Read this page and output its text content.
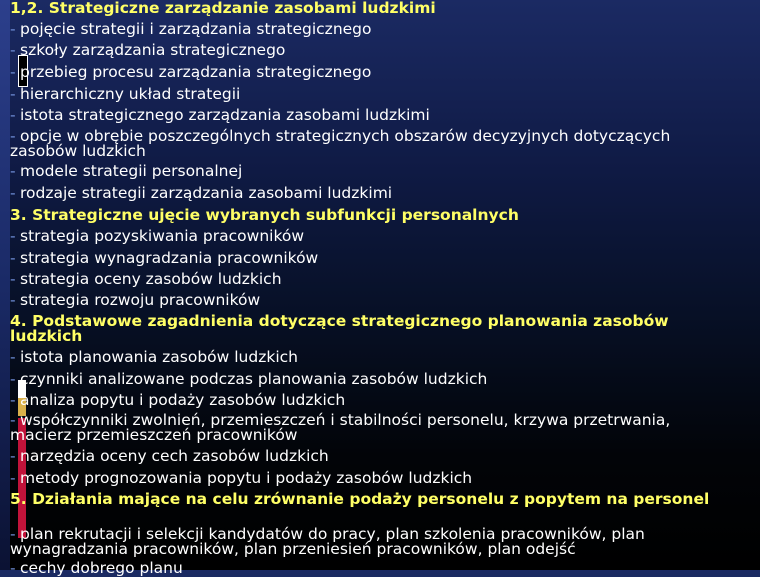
1,2. Strategiczne zarządzanie zasobami ludzkimi
- pojęcie strategii i zarządzania strategicznego
- szkoły zarządzania strategicznego
- przebieg procesu zarządzania strategicznego
- hierarchiczny układ strategii
- istota strategicznego zarządzania zasobami ludzkimi
- opcje w obrębie poszczególnych strategicznych obszarów decyzyjnych dotyczących zasobów ludzkich
- modele strategii personalnej
- rodzaje strategii zarządzania zasobami ludzkimi
3. Strategiczne ujęcie wybranych subfunkcji personalnych
- strategia pozyskiwania pracowników
- strategia wynagradzania pracowników
- strategia oceny zasobów ludzkich
- strategia rozwoju pracowników
4. Podstawowe zagadnienia dotyczące strategicznego planowania zasobów ludzkich
- istota planowania zasobów ludzkich
- czynniki analizowane podczas planowania zasobów ludzkich
- analiza popytu i podaży zasobów ludzkich
- współczynniki zwolnień, przemieszczeń i stabilności personelu, krzywa przetrwania, macierz przemieszczeń pracowników
- narzędzia oceny cech zasobów ludzkich
- metody prognozowania popytu i podaży zasobów ludzkich
5. Działania mające na celu zrównanie podaży personelu z popytem na personel
- plan rekrutacji i selekcji kandydatów do pracy, plan szkolenia pracowników, plan wynagradzania pracowników, plan przeniesień pracowników, plan odejść
- cechy dobrego planu
